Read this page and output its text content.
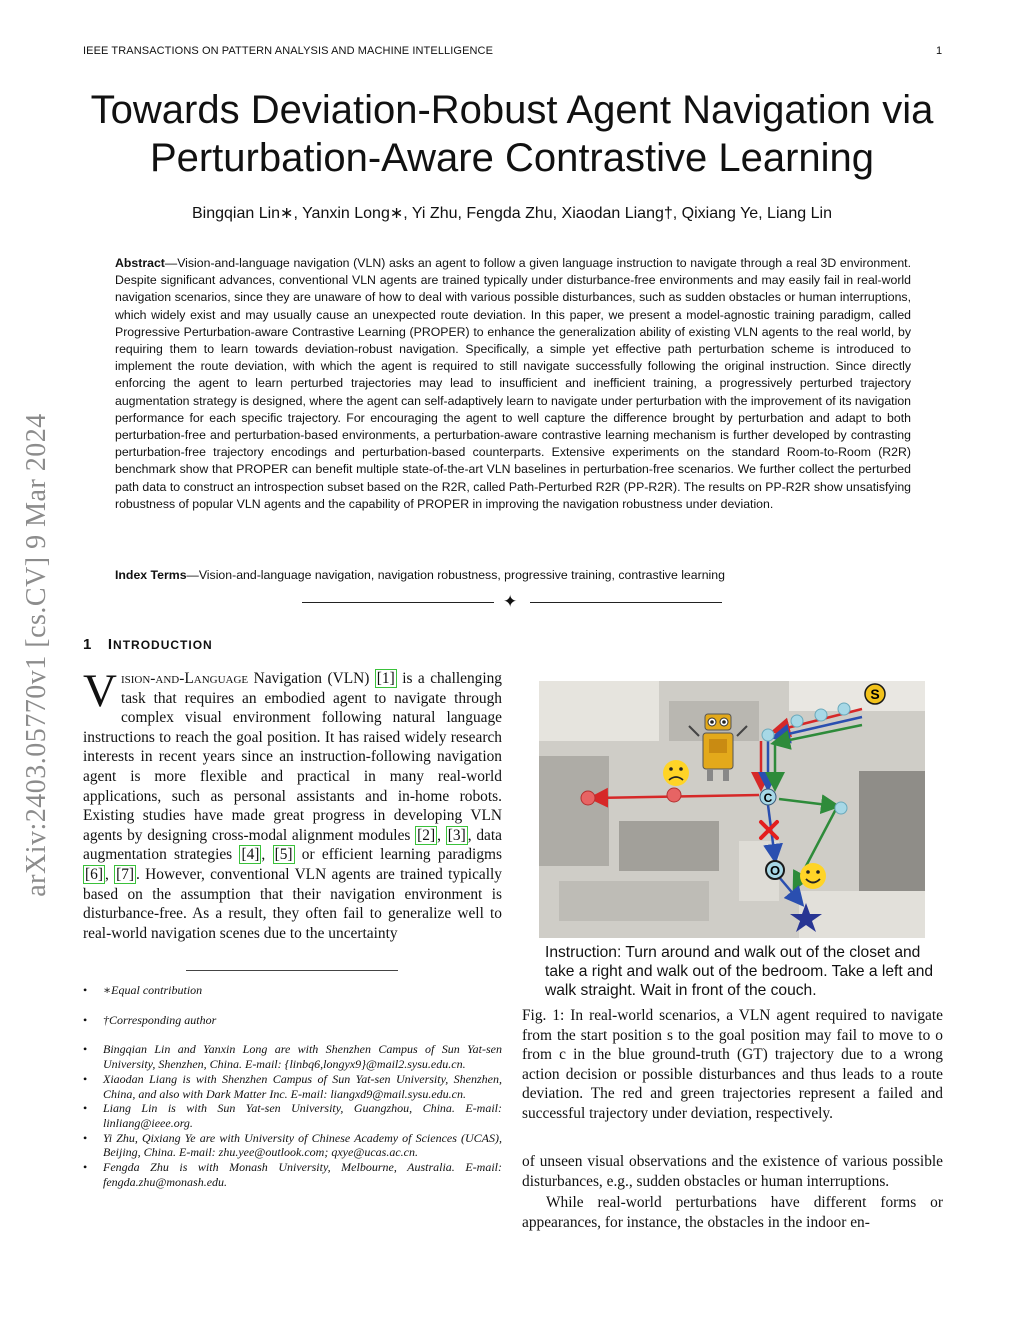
IEEE TRANSACTIONS ON PATTERN ANALYSIS AND MACHINE INTELLIGENCE	1
Towards Deviation-Robust Agent Navigation via Perturbation-Aware Contrastive Learning
Bingqian Lin∗, Yanxin Long∗, Yi Zhu, Fengda Zhu, Xiaodan Liang†, Qixiang Ye, Liang Lin
Abstract—Vision-and-language navigation (VLN) asks an agent to follow a given language instruction to navigate through a real 3D environment. Despite significant advances, conventional VLN agents are trained typically under disturbance-free environments and may easily fail in real-world navigation scenarios, since they are unaware of how to deal with various possible disturbances, such as sudden obstacles or human interruptions, which widely exist and may usually cause an unexpected route deviation. In this paper, we present a model-agnostic training paradigm, called Progressive Perturbation-aware Contrastive Learning (PROPER) to enhance the generalization ability of existing VLN agents to the real world, by requiring them to learn towards deviation-robust navigation. Specifically, a simple yet effective path perturbation scheme is introduced to implement the route deviation, with which the agent is required to still navigate successfully following the original instruction. Since directly enforcing the agent to learn perturbed trajectories may lead to insufficient and inefficient training, a progressively perturbed trajectory augmentation strategy is designed, where the agent can self-adaptively learn to navigate under perturbation with the improvement of its navigation performance for each specific trajectory. For encouraging the agent to well capture the difference brought by perturbation and adapt to both perturbation-free and perturbation-based environments, a perturbation-aware contrastive learning mechanism is further developed by contrasting perturbation-free trajectory encodings and perturbation-based counterparts. Extensive experiments on the standard Room-to-Room (R2R) benchmark show that PROPER can benefit multiple state-of-the-art VLN baselines in perturbation-free scenarios. We further collect the perturbed path data to construct an introspection subset based on the R2R, called Path-Perturbed R2R (PP-R2R). The results on PP-R2R show unsatisfying robustness of popular VLN agents and the capability of PROPER in improving the navigation robustness under deviation.
Index Terms—Vision-and-language navigation, navigation robustness, progressive training, contrastive learning
✦
1 INTRODUCTION
Vision-and-Language Navigation (VLN) [1] is a challenging task that requires an embodied agent to navigate through complex visual environment following natural language instructions to reach the goal position. It has raised widely research interests in recent years since an instruction-following navigation agent is more flexible and practical in many real-world applications, such as personal assistants and in-home robots. Existing studies have made great progress in developing VLN agents by designing cross-modal alignment modules [2] , [3] , data augmentation strategies [4] , [5] or efficient learning paradigms [6] , [7] . However, conventional VLN agents are trained typically based on the assumption that their navigation environment is disturbance-free. As a result, they often fail to generalize well to real-world navigation scenes due to the uncertainty
• ∗Equal contribution
• †Corresponding author
• Bingqian Lin and Yanxin Long are with Shenzhen Campus of Sun Yat-sen University, Shenzhen, China. E-mail: {linbq6,longyx9}@mail2.sysu.edu.cn.
• Xiaodan Liang is with Shenzhen Campus of Sun Yat-sen University, Shenzhen, China, and also with Dark Matter Inc. E-mail: liangxd9@mail.sysu.edu.cn.
• Liang Lin is with Sun Yat-sen University, Guangzhou, China. E-mail: linliang@ieee.org.
• Yi Zhu, Qixiang Ye are with University of Chinese Academy of Sciences (UCAS), Beijing, China. E-mail: zhu.yee@outlook.com; qxye@ucas.ac.cn.
• Fengda Zhu is with Monash University, Melbourne, Australia. E-mail: fengda.zhu@monash.edu.
arXiv:2403.05770v1 [cs.CV] 9 Mar 2024	S
C
O
Instruction: Turn around and walk out of the closet and take a right and walk out of the bedroom. Take a left and walk straight. Wait in front of the couch.
Fig. 1: In real-world scenarios, a VLN agent required to navigate from the start position s to the goal position may fail to move to o from c in the blue ground-truth (GT) trajectory due to a wrong action decision or possible disturbances and thus leads to a route deviation. The red and green trajectories represent a failed and successful trajectory under deviation, respectively.

of unseen visual observations and the existence of various possible disturbances, e.g., sudden obstacles or human interruptions.

While real-world perturbations have different forms or appearances, for instance, the obstacles in the indoor en-
